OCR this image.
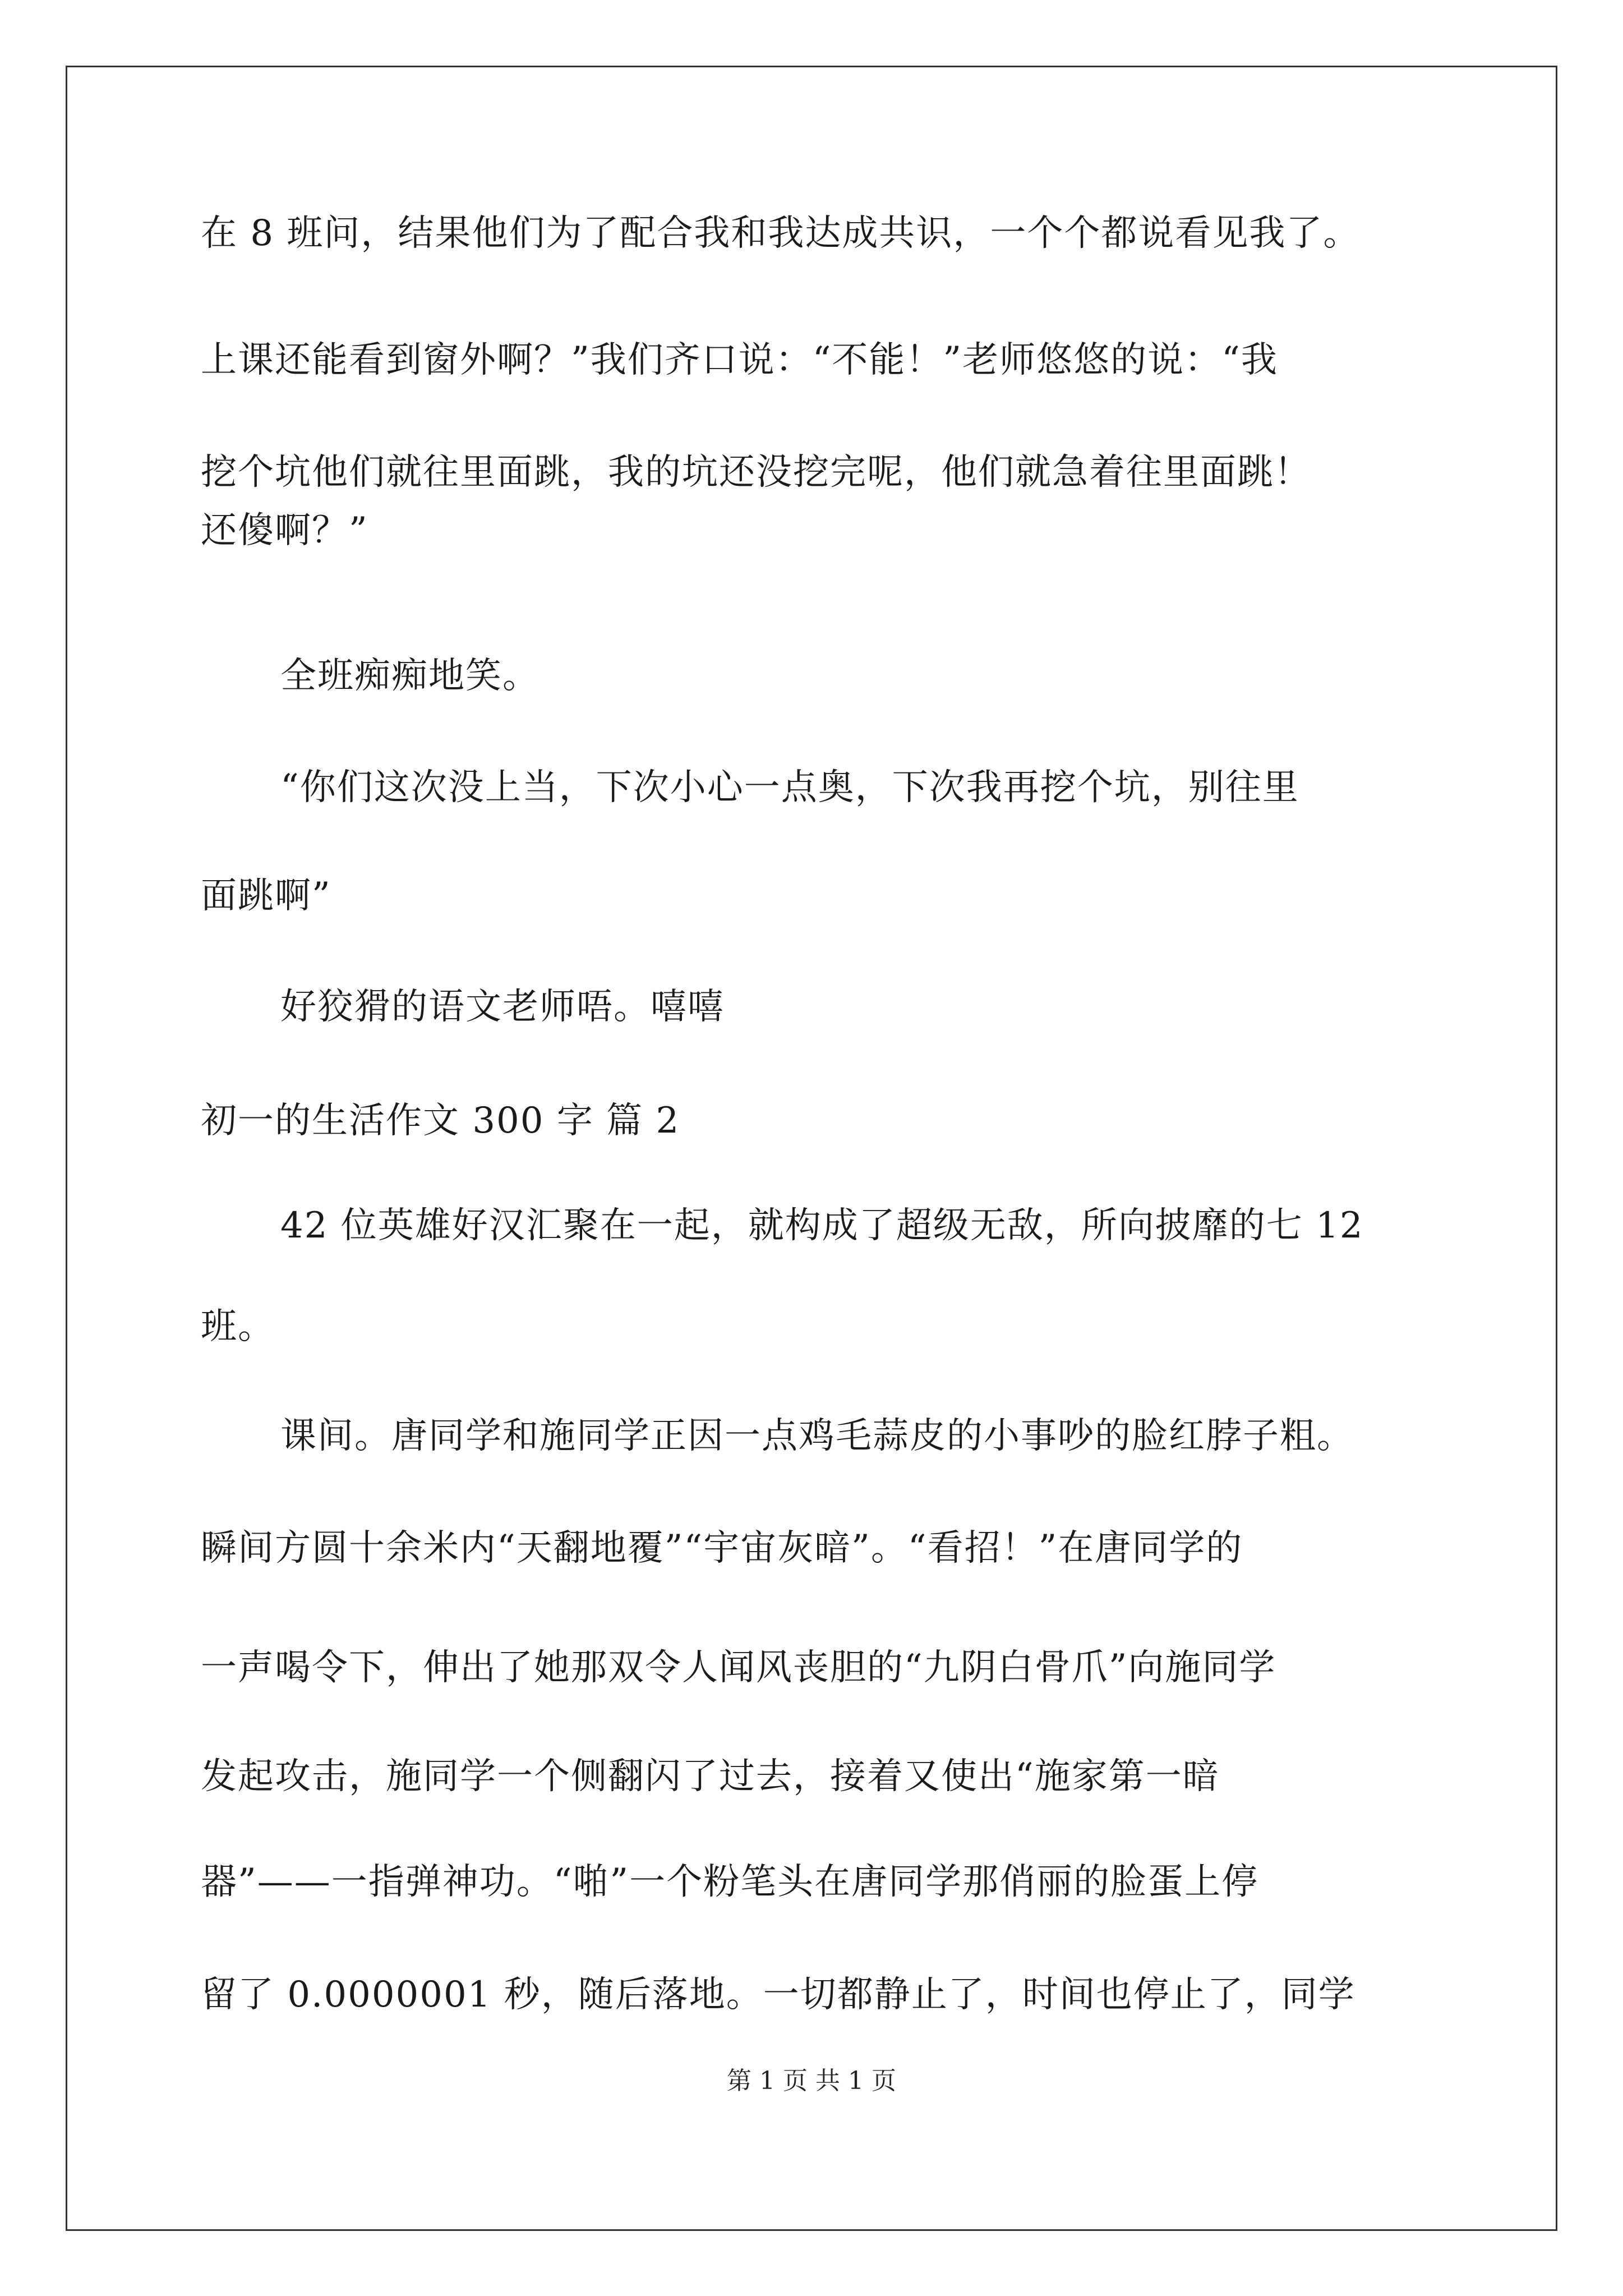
在 8 班问，结果他们为了配合我和我达成共识，一个个都说看见我了。
上课还能看到窗外啊？”我们齐口说：“不能！”老师悠悠的说：“我
挖个坑他们就往里面跳，我的坑还没挖完呢，他们就急着往里面跳！
还傻啊？”
全班痴痴地笑。
“你们这次没上当，下次小心一点奥，下次我再挖个坑，别往里
面跳啊”
好狡猾的语文老师唔。嘻嘻
初一的生活作文 300 字 篇 2
42 位英雄好汉汇聚在一起，就构成了超级无敌，所向披靡的七 12
班。
课间。唐同学和施同学正因一点鸡毛蒜皮的小事吵的脸红脖子粗。
瞬间方圆十余米内“天翻地覆”“宇宙灰暗”。“看招！”在唐同学的
一声喝令下，伸出了她那双令人闻风丧胆的“九阴白骨爪”向施同学
发起攻击，施同学一个侧翻闪了过去，接着又使出“施家第一暗
器”——一指弹神功。“啪”一个粉笔头在唐同学那俏丽的脸蛋上停
留了 0.0000001 秒，随后落地。一切都静止了，时间也停止了，同学
第 1 页 共 1 页
